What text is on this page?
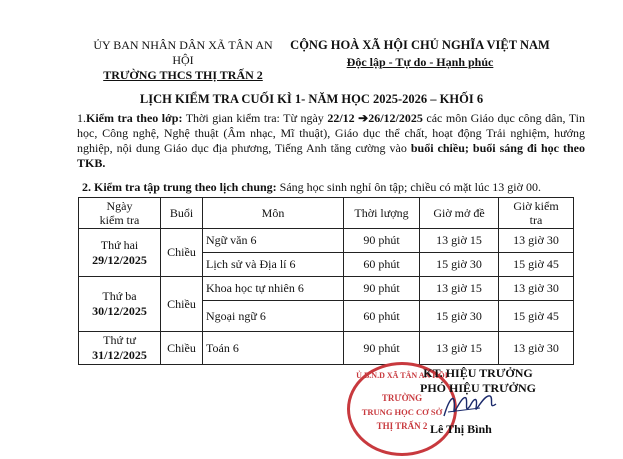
ỦY BAN NHÂN DÂN XÃ TÂN AN HỘI
TRƯỜNG THCS THỊ TRẤN 2
CỘNG HOÀ XÃ HỘI CHỦ NGHĨA VIỆT NAM
Độc lập - Tự do - Hạnh phúc
LỊCH KIỂM TRA CUỐI KÌ 1- NĂM HỌC 2025-2026 – KHỐI 6
1.Kiểm tra theo lớp: Thời gian kiểm tra: Từ ngày 22/12 ➔26/12/2025 các môn Giáo dục công dân, Tin học, Công nghệ, Nghệ thuật (Âm nhạc, Mĩ thuật), Giáo dục thể chất, hoạt động Trải nghiệm, hướng nghiệp, nội dung Giáo dục địa phương, Tiếng Anh tăng cường vào buổi chiều; buổi sáng đi học theo TKB.
2. Kiểm tra tập trung theo lịch chung: Sáng học sinh nghỉ ôn tập; chiều có mặt lúc 13 giờ 00.
Ngày
kiểm tra	Buổi	Môn	Thời lượng	Giờ mở đề	Giờ kiểm
tra
Thứ hai
29/12/2025	Chiều	Ngữ văn 6	90 phút	13 giờ 15	13 giờ 30
		Lịch sử và Địa lí 6	60 phút	15 giờ 30	15 giờ 45
Thứ ba
30/12/2025	Chiều	Khoa học tự nhiên 6	90 phút	13 giờ 15	13 giờ 30
		Ngoại ngữ 6	60 phút	15 giờ 30	15 giờ 45
Thứ tư
31/12/2025	Chiều	Toán 6	90 phút	13 giờ 15	13 giờ 30
Ủ.B.N.D XÃ TÂN AN HỘI
TRƯỜNG
TRUNG HỌC CƠ SỞ
THỊ TRẤN 2
KT. HIỆU TRƯỞNG
PHÓ HIỆU TRƯỞNG
Lê Thị Bình
